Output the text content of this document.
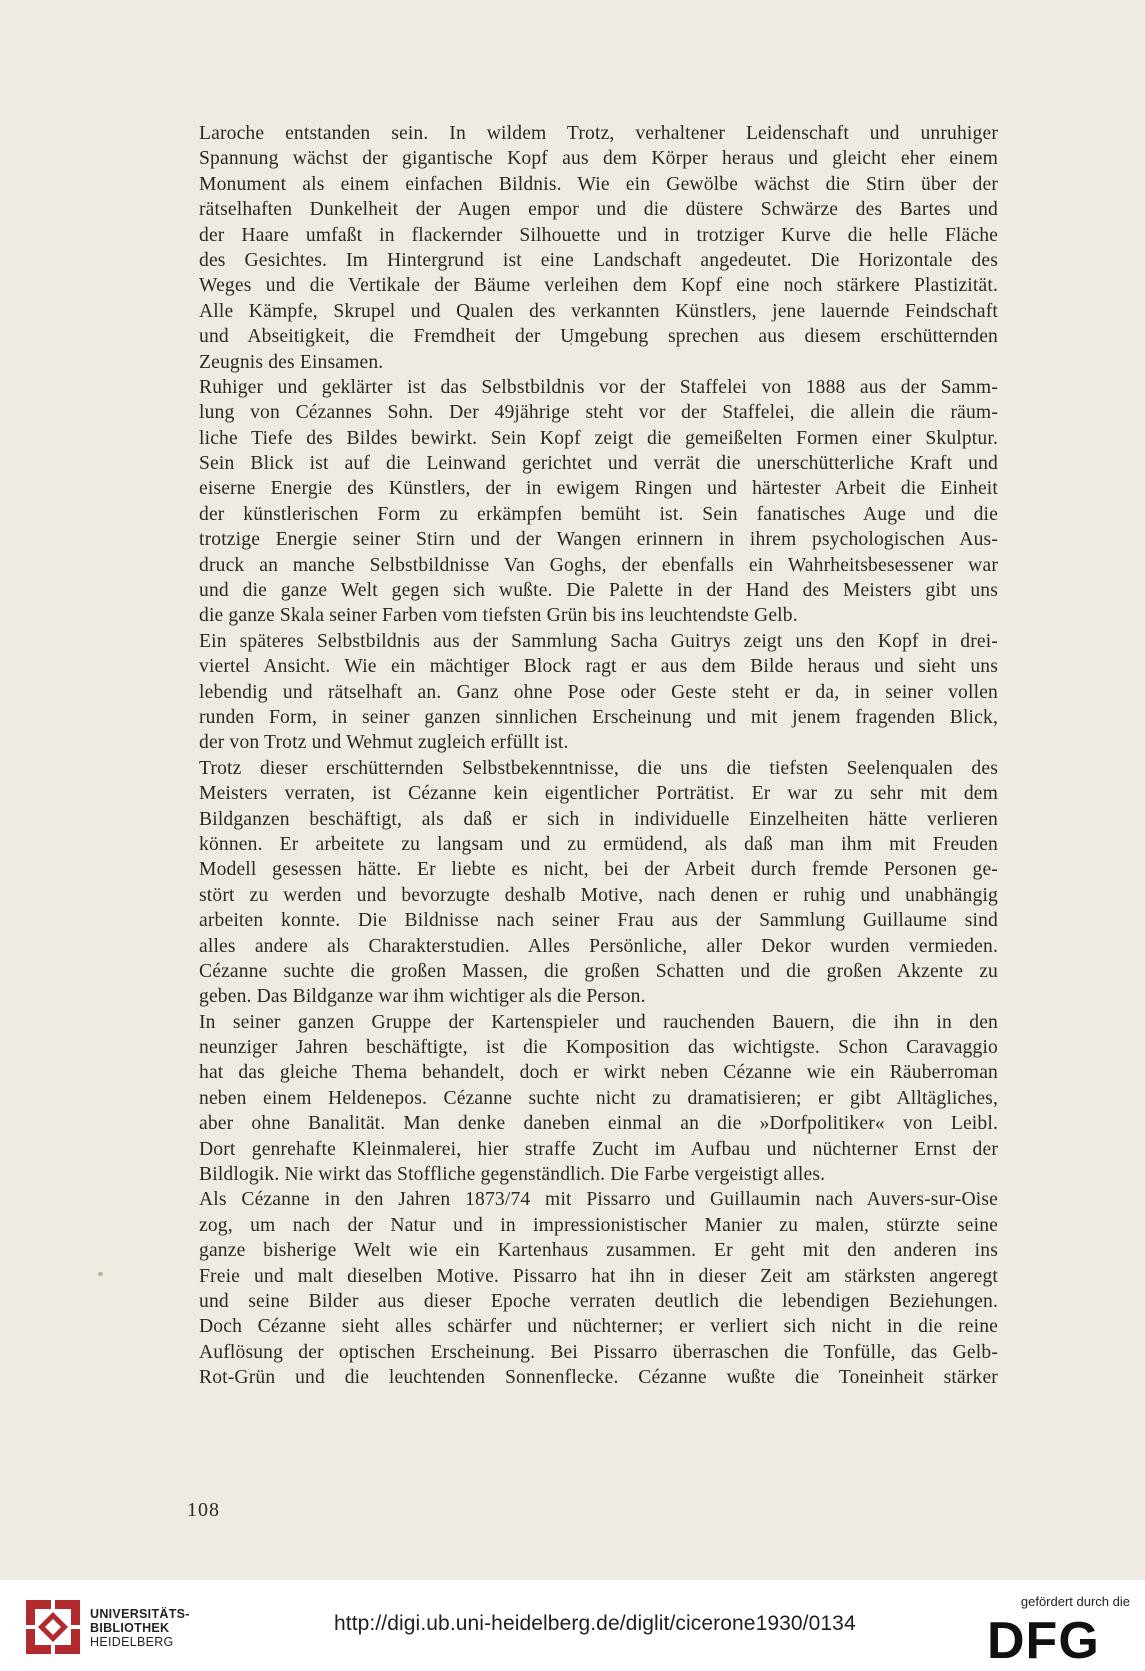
Laroche entstanden sein. In wildem Trotz, verhaltener Leidenschaft und unruhiger
Spannung wächst der gigantische Kopf aus dem Körper heraus und gleicht eher einem
Monument als einem einfachen Bildnis. Wie ein Gewölbe wächst die Stirn über der
rätselhaften Dunkelheit der Augen empor und die düstere Schwärze des Bartes und
der Haare umfaßt in flackernder Silhouette und in trotziger Kurve die helle Fläche
des Gesichtes. Im Hintergrund ist eine Landschaft angedeutet. Die Horizontale des
Weges und die Vertikale der Bäume verleihen dem Kopf eine noch stärkere Plastizität.
Alle Kämpfe, Skrupel und Qualen des verkannten Künstlers, jene lauernde Feindschaft
und Abseitigkeit, die Fremdheit der Umgebung sprechen aus diesem erschütternden
Zeugnis des Einsamen.
Ruhiger und geklärter ist das Selbstbildnis vor der Staffelei von 1888 aus der Samm-
lung von Cézannes Sohn. Der 49jährige steht vor der Staffelei, die allein die räum-
liche Tiefe des Bildes bewirkt. Sein Kopf zeigt die gemeißelten Formen einer Skulptur.
Sein Blick ist auf die Leinwand gerichtet und verrät die unerschütterliche Kraft und
eiserne Energie des Künstlers, der in ewigem Ringen und härtester Arbeit die Einheit
der künstlerischen Form zu erkämpfen bemüht ist. Sein fanatisches Auge und die
trotzige Energie seiner Stirn und der Wangen erinnern in ihrem psychologischen Aus-
druck an manche Selbstbildnisse Van Goghs, der ebenfalls ein Wahrheitsbesessener war
und die ganze Welt gegen sich wußte. Die Palette in der Hand des Meisters gibt uns
die ganze Skala seiner Farben vom tiefsten Grün bis ins leuchtendste Gelb.
Ein späteres Selbstbildnis aus der Sammlung Sacha Guitrys zeigt uns den Kopf in drei-
viertel Ansicht. Wie ein mächtiger Block ragt er aus dem Bilde heraus und sieht uns
lebendig und rätselhaft an. Ganz ohne Pose oder Geste steht er da, in seiner vollen
runden Form, in seiner ganzen sinnlichen Erscheinung und mit jenem fragenden Blick,
der von Trotz und Wehmut zugleich erfüllt ist.
Trotz dieser erschütternden Selbstbekenntnisse, die uns die tiefsten Seelenqualen des
Meisters verraten, ist Cézanne kein eigentlicher Porträtist. Er war zu sehr mit dem
Bildganzen beschäftigt, als daß er sich in individuelle Einzelheiten hätte verlieren
können. Er arbeitete zu langsam und zu ermüdend, als daß man ihm mit Freuden
Modell gesessen hätte. Er liebte es nicht, bei der Arbeit durch fremde Personen ge-
stört zu werden und bevorzugte deshalb Motive, nach denen er ruhig und unabhängig
arbeiten konnte. Die Bildnisse nach seiner Frau aus der Sammlung Guillaume sind
alles andere als Charakterstudien. Alles Persönliche, aller Dekor wurden vermieden.
Cézanne suchte die großen Massen, die großen Schatten und die großen Akzente zu
geben. Das Bildganze war ihm wichtiger als die Person.
In seiner ganzen Gruppe der Kartenspieler und rauchenden Bauern, die ihn in den
neunziger Jahren beschäftigte, ist die Komposition das wichtigste. Schon Caravaggio
hat das gleiche Thema behandelt, doch er wirkt neben Cézanne wie ein Räuberroman
neben einem Heldenepos. Cézanne suchte nicht zu dramatisieren; er gibt Alltägliches,
aber ohne Banalität. Man denke daneben einmal an die »Dorfpolitiker« von Leibl.
Dort genrehafte Kleinmalerei, hier straffe Zucht im Aufbau und nüchterner Ernst der
Bildlogik. Nie wirkt das Stoffliche gegenständlich. Die Farbe vergeistigt alles.
Als Cézanne in den Jahren 1873/74 mit Pissarro und Guillaumin nach Auvers-sur-Oise
zog, um nach der Natur und in impressionistischer Manier zu malen, stürzte seine
ganze bisherige Welt wie ein Kartenhaus zusammen. Er geht mit den anderen ins
Freie und malt dieselben Motive. Pissarro hat ihn in dieser Zeit am stärksten angeregt
und seine Bilder aus dieser Epoche verraten deutlich die lebendigen Beziehungen.
Doch Cézanne sieht alles schärfer und nüchterner; er verliert sich nicht in die reine
Auflösung der optischen Erscheinung. Bei Pissarro überraschen die Tonfülle, das Gelb-
Rot-Grün und die leuchtenden Sonnenflecke. Cézanne wußte die Toneinheit stärker
108
UNIVERSITÄTS-
BIBLIOTHEK
HEIDELBERG
http://digi.ub.uni-heidelberg.de/diglit/cicerone1930/0134
gefördert durch die
DFG
